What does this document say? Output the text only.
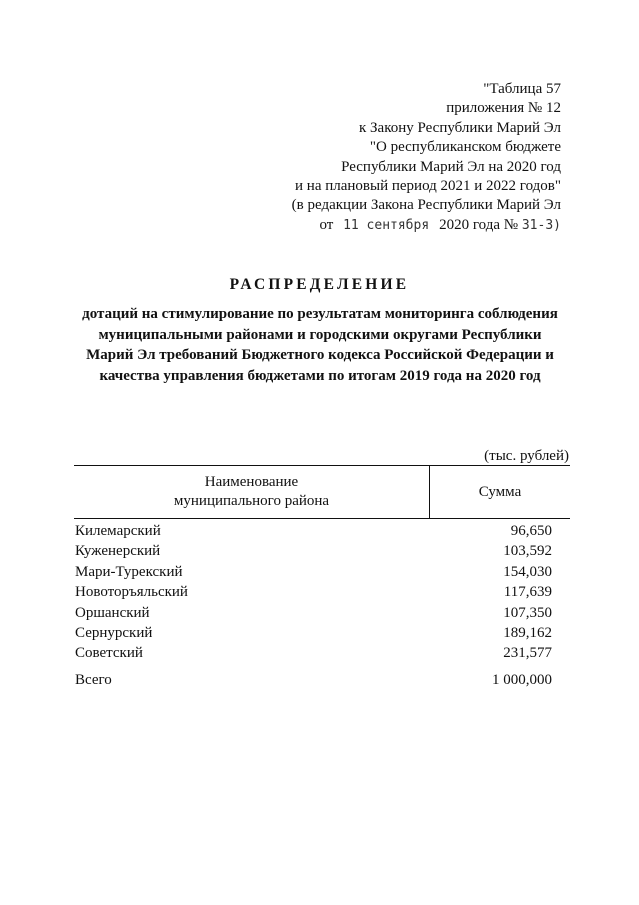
"Таблица 57
приложения № 12
к Закону Республики Марий Эл
"О республиканском бюджете
Республики Марий Эл на 2020 год
и на плановый период 2021 и 2022 годов"
(в редакции Закона Республики Марий Эл
от 11 сентября 2020 года № 31-З)
РАСПРЕДЕЛЕНИЕ
дотаций на стимулирование по результатам мониторинга соблюдения
муниципальными районами и городскими округами Республики
Марий Эл требований Бюджетного кодекса Российской Федерации и
качества управления бюджетами по итогам 2019 года на 2020 год
(тыс. рублей)
Наименование
муниципального района
Сумма
Килемарский	96,650
Куженерский	103,592
Мари-Турекский	154,030
Новоторъяльский	117,639
Оршанский	107,350
Сернурский	189,162
Советский	231,577
Всего	1 000,000
